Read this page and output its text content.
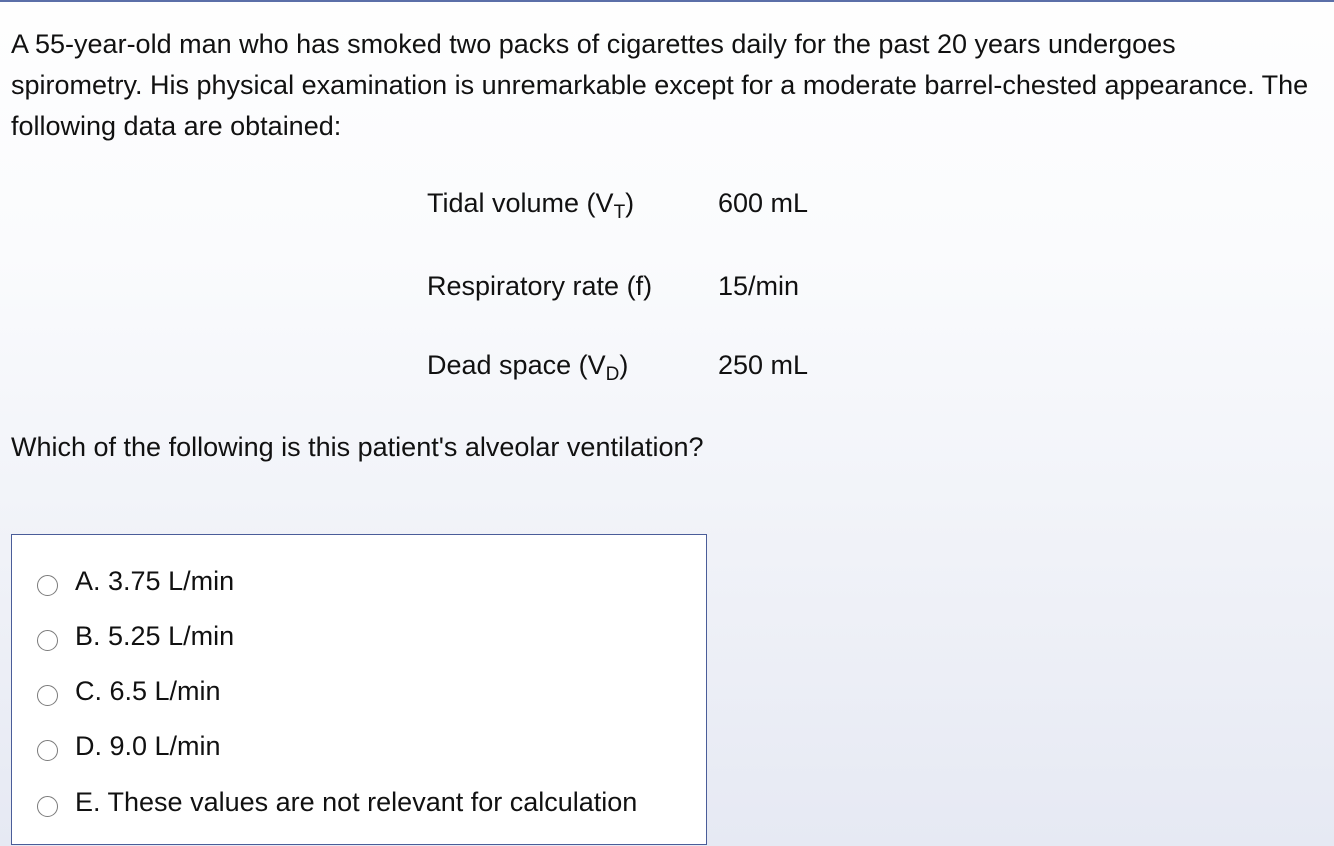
A 55-year-old man who has smoked two packs of cigarettes daily for the past 20 years undergoes spirometry. His physical examination is unremarkable except for a moderate barrel-chested appearance. The following data are obtained:

Tidal volume $(V_T)$	600 mL
Respiratory rate (f) 15/min
Dead space $(V_D)$	250 mL

Which of the following is this patient's alveolar ventilation?

A. 3.75 L/min
B. 5.25 L/min
C. 6.5 L/min
D. 9.0 L/min
E. These values are not relevant for calculation
